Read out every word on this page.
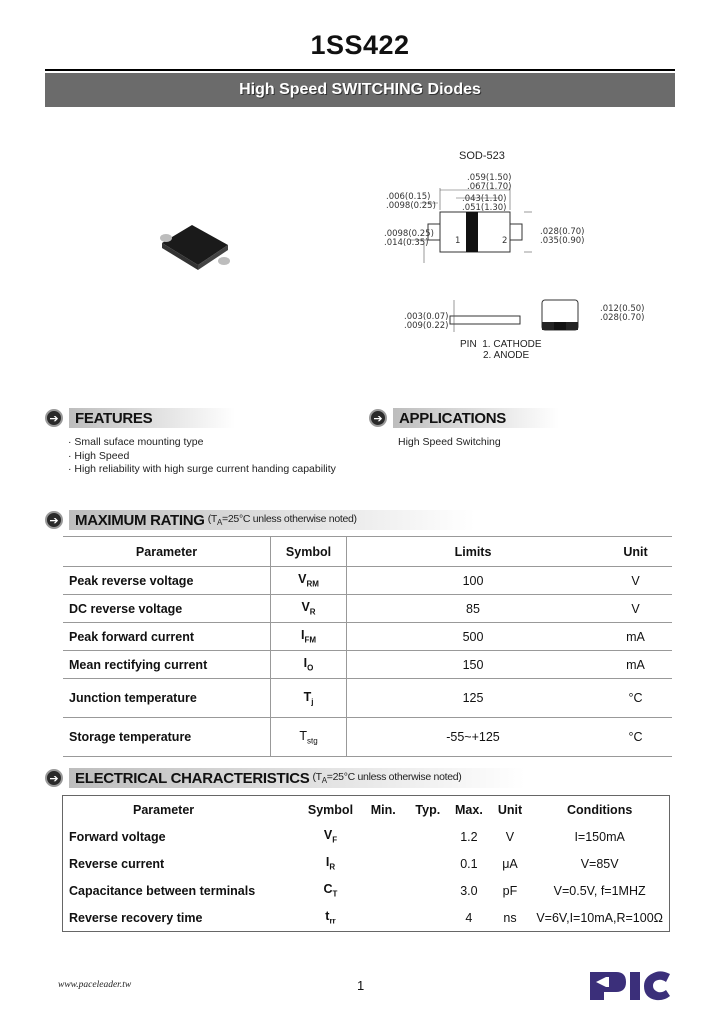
1SS422
High Speed SWITCHING Diodes
SOD-523
.059(1.50)
.067(1.70)
.043(1.10)
.051(1.30)
.006(0.15)
.0098(0.25)
.0098(0.25)
.014(0.35)
.028(0.70)
.035(0.90)
1	2
.003(0.07)
.009(0.22)
.012(0.50)
.028(0.70)
PIN 1. CATHODE
2. ANODE
➔	FEATURES
· Small suface mounting type
· High Speed
· High reliability with high surge current handing capability
➔	APPLICATIONS
High Speed Switching
➔ MAXIMUM RATING ($T_A=25^\circ C$ unless otherwise noted)
Parameter	Symbol	Limits	Unit
Peak reverse voltage	$V_{RM}$	100	V
DC reverse voltage	$V_R$	85	V
Peak forward current	$I_{FM}$	500	mA
Mean rectifying current	$I_O$	150	mA
Junction temperature	$T_j$	125	°C
Storage temperature	$T_{stg}$	-55~+125	°C
➔ ELECTRICAL CHARACTERISTICS ($T_A=25^\circ C$ unless otherwise noted)
Parameter	Symbol	Min.	Typ.	Max.	Unit	Conditions
Forward voltage	$V_F$			1.2	V	I=150mA
Reverse current	$I_R$			0.1	μA	V=85V
Capacitance between terminals	$C_T$			3.0	pF	V=0.5V, f=1MHZ
Reverse recovery time	$t_{rr}$			4	ns	V=6V,I=10mA,R=100Ω
www.paceleader.tw	1
